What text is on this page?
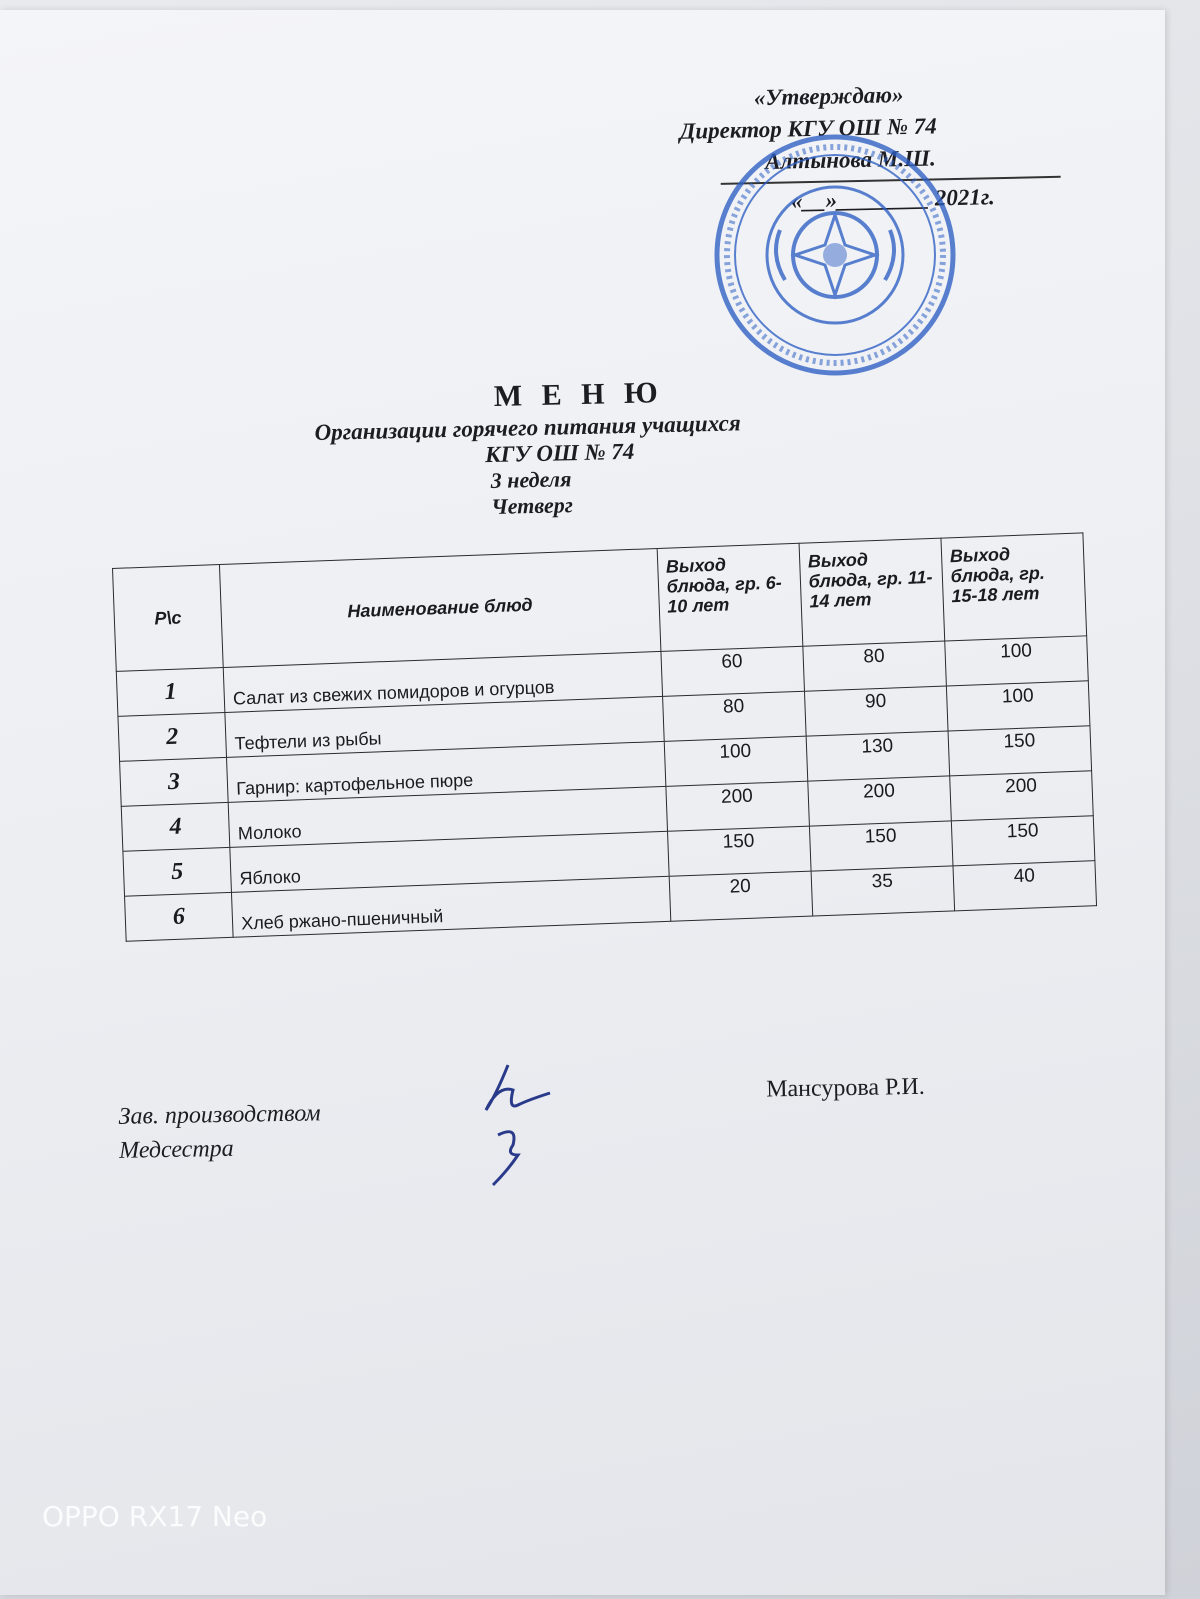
«Утверждаю»
Директор КГУ ОШ № 74
Алтынова М.Ш.
«__»________ 2021г.
М Е Н Ю
Организации горячего питания учащихся
КГУ ОШ № 74
3 неделя
Четверг
Р\с	Наименование блюд	Выход блюда, гр. 6-10 лет	Выход блюда, гр. 11-14 лет	Выход блюда, гр. 15-18 лет
1	Салат из свежих помидоров и огурцов	60	80	100
2	Тефтели из рыбы	80	90	100
3	Гарнир: картофельное пюре	100	130	150
4	Молоко	200	200	200
5	Яблоко	150	150	150
6	Хлеб ржано-пшеничный	20	35	40
Мансурова Р.И.
Зав. производством
Медсестра
OPPO RX17 Neo
